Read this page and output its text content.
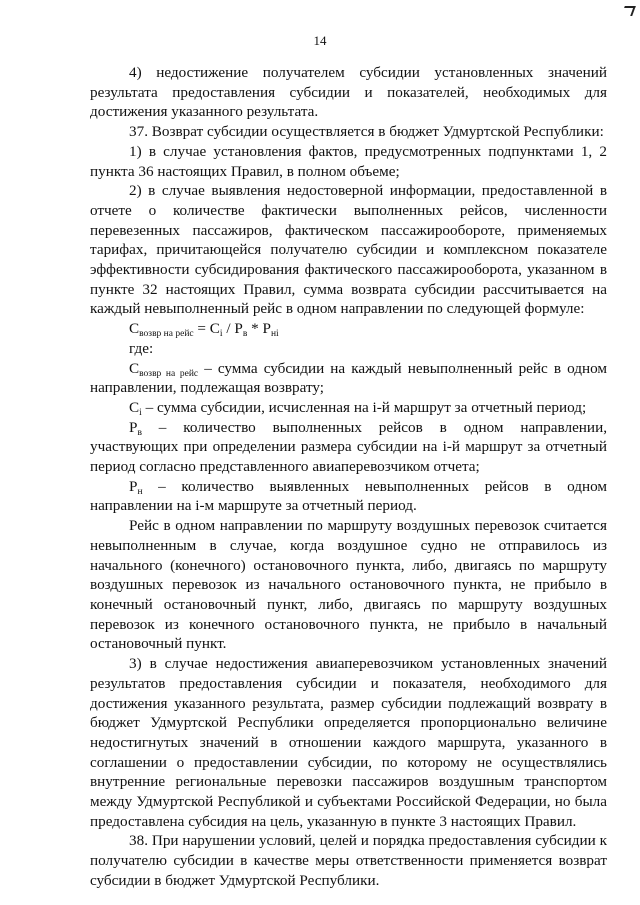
14

4) недостижение получателем субсидии установленных значений результата предоставления субсидии и показателей, необходимых для достижения указанного результата.

37. Возврат субсидии осуществляется в бюджет Удмуртской Республики:

1) в случае установления фактов, предусмотренных подпунктами 1, 2 пункта 36 настоящих Правил, в полном объеме;

2) в случае выявления недостоверной информации, предоставленной в отчете о количестве фактически выполненных рейсов, численности перевезенных пассажиров, фактическом пассажирообороте, применяемых тарифах, причитающейся получателю субсидии и комплексном показателе эффективности субсидирования фактического пассажирооборота, указанном в пункте 32 настоящих Правил, сумма возврата субсидии рассчитывается на каждый невыполненный рейс в одном направлении по следующей формуле:

$C_{возвр на рейс} = C_i / P_в * P_{нi}$

где:

$C_{возвр на рейс}$ – сумма субсидии на каждый невыполненный рейс в одном направлении, подлежащая возврату;

$C_i$ – сумма субсидии, исчисленная на i-й маршрут за отчетный период;

$P_в$ – количество выполненных рейсов в одном направлении, участвующих при определении размера субсидии на i-й маршрут за отчетный период согласно представленного авиаперевозчиком отчета;

$P_н$ – количество выявленных невыполненных рейсов в одном направлении на i-м маршруте за отчетный период.

Рейс в одном направлении по маршруту воздушных перевозок считается невыполненным в случае, когда воздушное судно не отправилось из начального (конечного) остановочного пункта, либо, двигаясь по маршруту воздушных перевозок из начального остановочного пункта, не прибыло в конечный остановочный пункт, либо, двигаясь по маршруту воздушных перевозок из конечного остановочного пункта, не прибыло в начальный остановочный пункт.

3) в случае недостижения авиаперевозчиком установленных значений результатов предоставления субсидии и показателя, необходимого для достижения указанного результата, размер субсидии подлежащий возврату в бюджет Удмуртской Республики определяется пропорционально величине недостигнутых значений в отношении каждого маршрута, указанного в соглашении о предоставлении субсидии, по которому не осуществлялись внутренние региональные перевозки пассажиров воздушным транспортом между Удмуртской Республикой и субъектами Российской Федерации, но была предоставлена субсидия на цель, указанную в пункте 3 настоящих Правил.

38. При нарушении условий, целей и порядка предоставления субсидии к получателю субсидии в качестве меры ответственности применяется возврат субсидии в бюджет Удмуртской Республики.
